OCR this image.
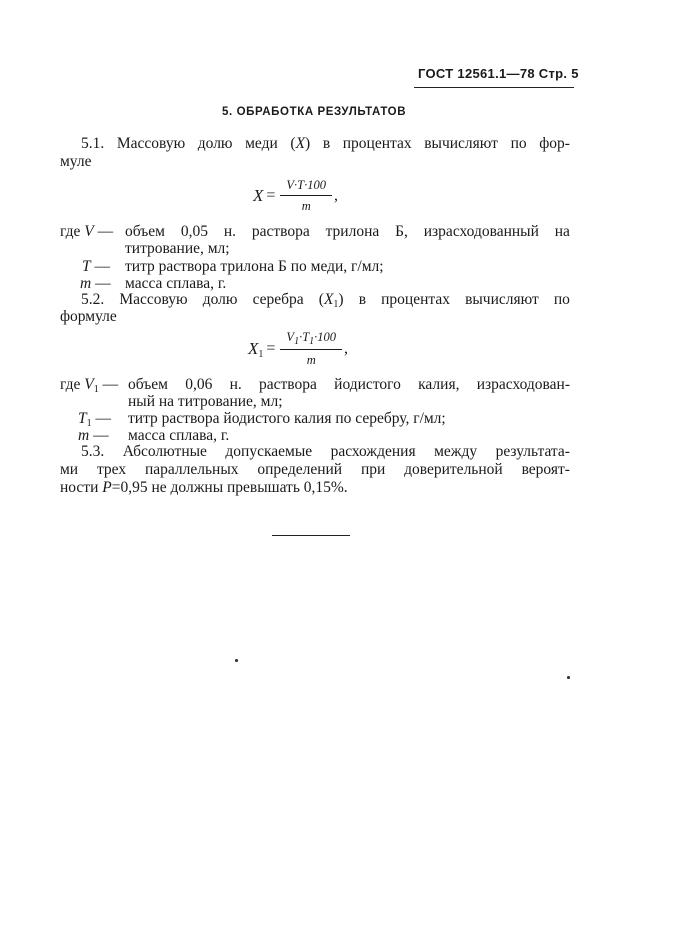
ГОСТ 12561.1—78 Стр. 5
5. ОБРАБОТКА РЕЗУЛЬТАТОВ
5.1. Массовую долю меди (X) в процентах вычисляют по фор-
муле
$X = \frac{V\cdot T\cdot 100}{m}$ ,
где V — объем 0,05 н. раствора трилона Б, израсходованный на
титрование, мл;
T — титр раствора трилона Б по меди, г/мл;
m — масса сплава, г.
5.2. Массовую долю серебра $(X_1)$ в процентах вычисляют по
формуле
$X_1 = \frac{V_1\cdot T_1\cdot 100}{m}$ ,
где $V_1$ — объем 0,06 н. раствора йодистого калия, израсходован-
ный на титрование, мл;
$T_1$ — титр раствора йодистого калия по серебру, г/мл;
m — масса сплава, г.
5.3. Абсолютные допускаемые расхождения между результата-
ми трех параллельных определений при доверительной вероят-
ности P=0,95 не должны превышать 0,15%.
